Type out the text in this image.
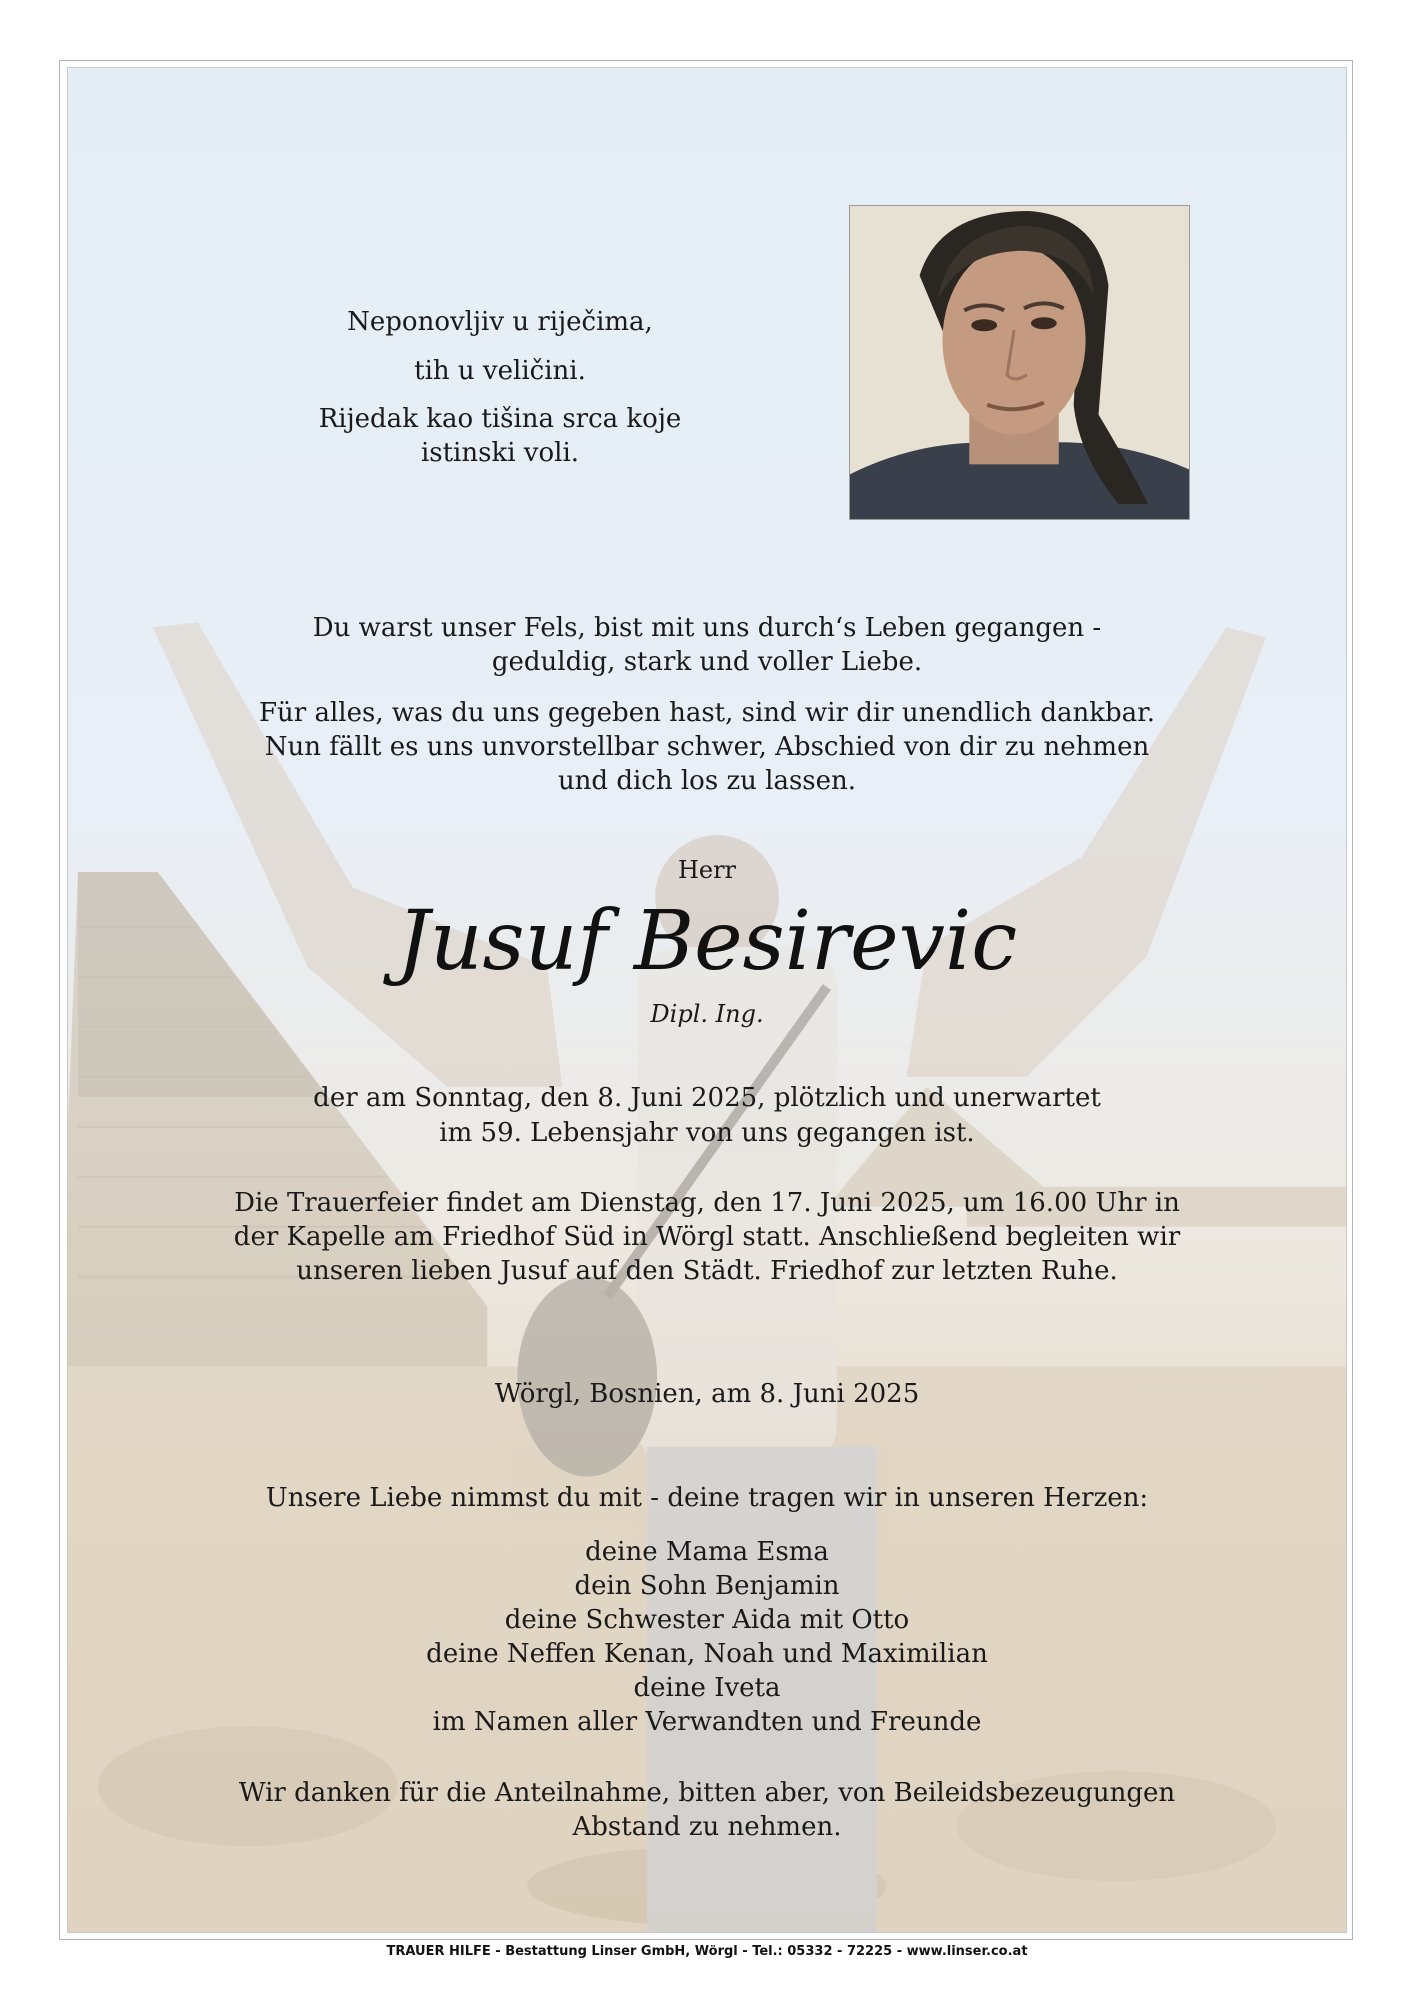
Neponovljiv u riječima,
tih u veličini.
Rijedak kao tišina srca koje
istinski voli.
Du warst unser Fels, bist mit uns durch‘s Leben gegangen -
geduldig, stark und voller Liebe.
Für alles, was du uns gegeben hast, sind wir dir unendlich dankbar.
Nun fällt es uns unvorstellbar schwer, Abschied von dir zu nehmen
und dich los zu lassen.
Herr
Jusuf Besirevic
Dipl. Ing.
der am Sonntag, den 8. Juni 2025, plötzlich und unerwartet
im 59. Lebensjahr von uns gegangen ist.
Die Trauerfeier findet am Dienstag, den 17. Juni 2025, um 16.00 Uhr in
der Kapelle am Friedhof Süd in Wörgl statt. Anschließend begleiten wir
unseren lieben Jusuf auf den Städt. Friedhof zur letzten Ruhe.
Wörgl, Bosnien, am 8. Juni 2025
Unsere Liebe nimmst du mit - deine tragen wir in unseren Herzen:
deine Mama Esma
dein Sohn Benjamin
deine Schwester Aida mit Otto
deine Neffen Kenan, Noah und Maximilian
deine Iveta
im Namen aller Verwandten und Freunde
Wir danken für die Anteilnahme, bitten aber, von Beileidsbezeugungen
Abstand zu nehmen.
TRAUER HILFE - Bestattung Linser GmbH, Wörgl - Tel.: 05332 - 72225 - www.linser.co.at
